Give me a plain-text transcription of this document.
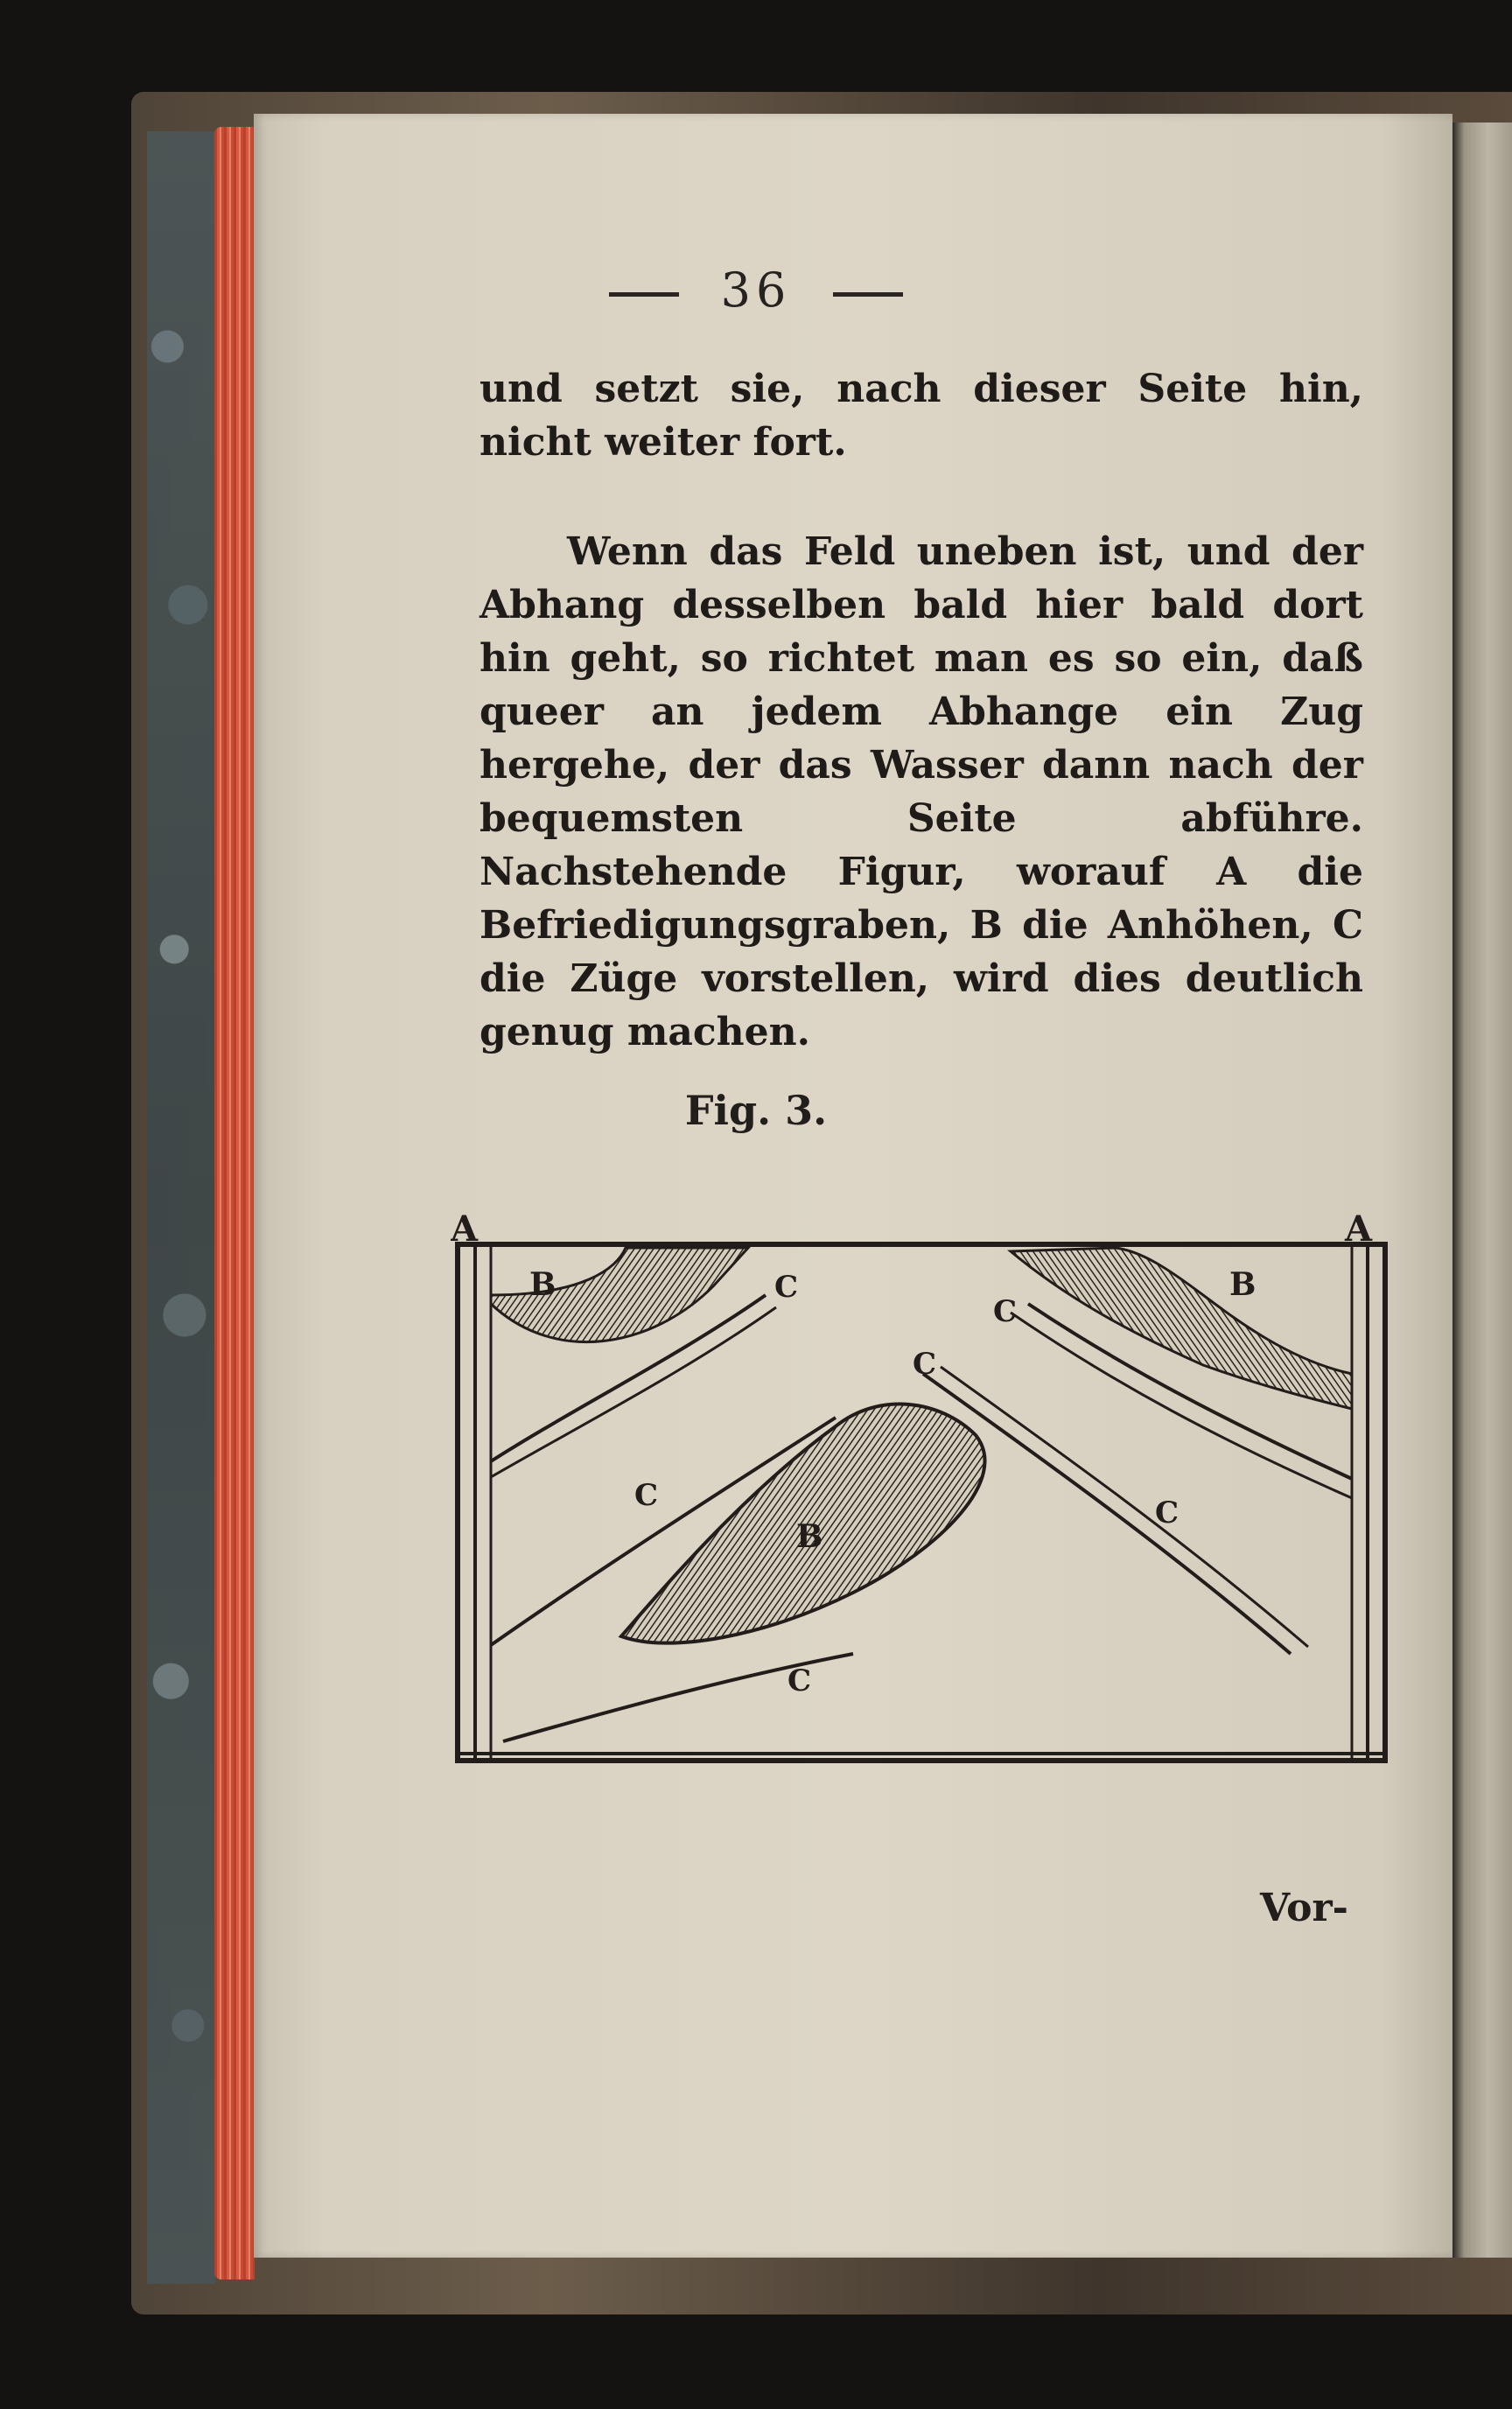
36
und setzt sie, nach dieser Seite hin, nicht weiter fort.
Wenn das Feld uneben ist, und der Abhang desselben bald hier bald dort hin geht, so richtet man es so ein, daß queer an jedem Abhange ein Zug hergehe, der das Wasser dann nach der bequemsten Seite abführe. Nachstehende Figur, worauf A die Befriedigungsgraben, B die Anhöhen, C die Züge vorstellen, wird dies deutlich genug machen.
Fig. 3.
A	A
B	B
B
C
C
C
C	C
C
Vor-
